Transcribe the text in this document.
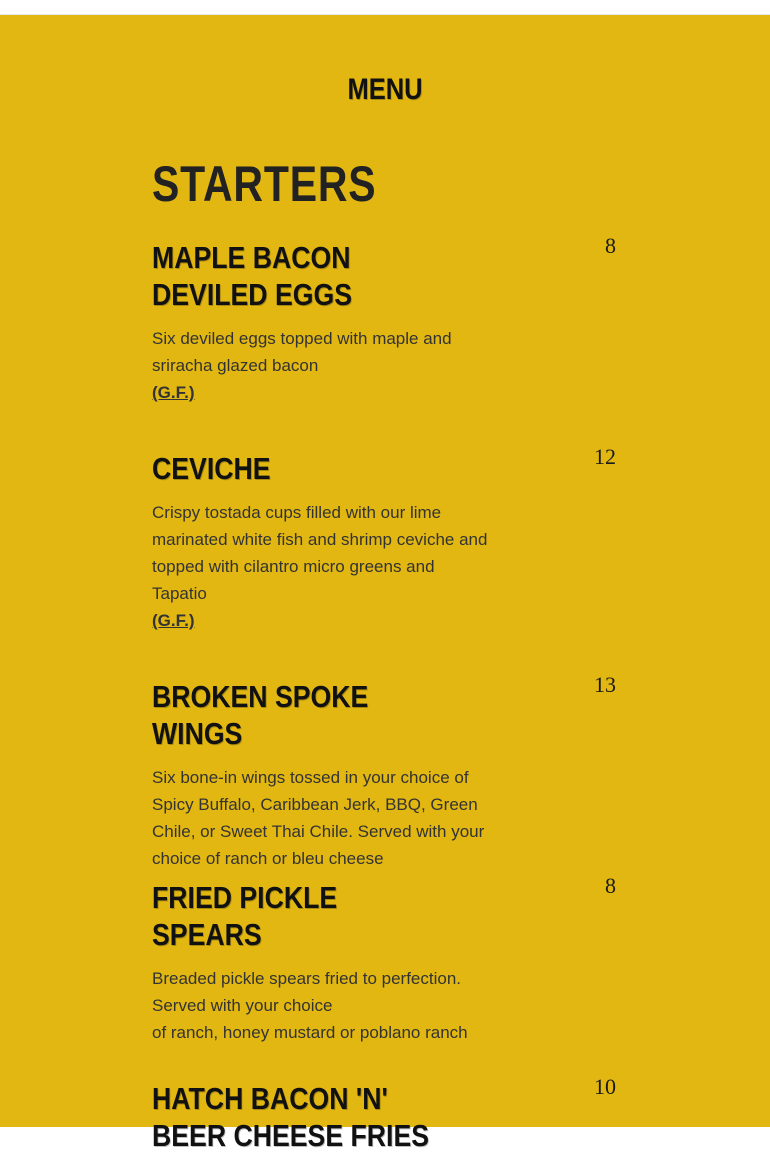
MENU
STARTERS
MAPLE BACON DEVILED EGGS
8
Six deviled eggs topped with maple and sriracha glazed bacon
(G.F.)
CEVICHE	12
Crispy tostada cups filled with our lime marinated white fish and shrimp ceviche and topped with cilantro micro greens and Tapatio
(G.F.)
BROKEN SPOKE WINGS
13
Six bone-in wings tossed in your choice of Spicy Buffalo, Caribbean Jerk, BBQ, Green Chile, or Sweet Thai Chile. Served with your choice of ranch or bleu cheese
FRIED PICKLE SPEARS
8
Breaded pickle spears fried to perfection. Served with your choice
of ranch, honey mustard or poblano ranch
HATCH BACON 'N' BEER CHEESE FRIES
10
